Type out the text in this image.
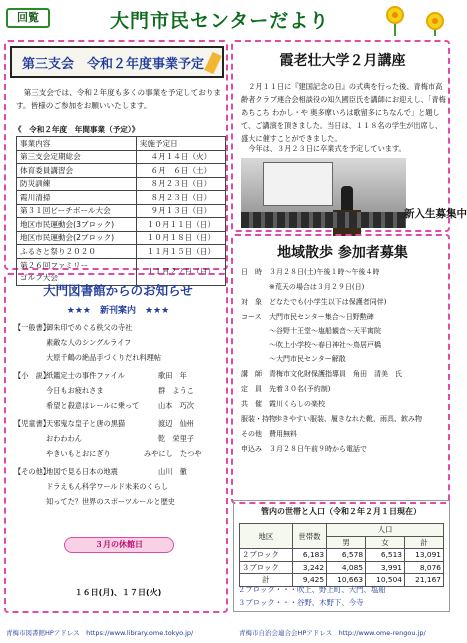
回覧	大門市民センターだより
第三支会　令和２年度事業予定
　第三支会では、令和２年度も多くの事業を予定しております。皆様のご参加をお願いいたします。
《　令和２年度　年間事業（予定）》
事業内容	実施予定日
第三支会定期総会	４月１４日（火）
体育委員講習会	６月　６日（土）
防災訓練	８月２３日（日）
霞川清掃	８月２３日（日）
第３１回ビーチボール大会	９月１３日（日）
地区市民運動会(3ブロック)	１０月１１日（日）
地区市民運動会(2ブロック)	１０月１８日（日）
ふるさと祭り２０２０	１１月１５日（日）
第２６回ファミリー
ゴルフ大会	１１月２２日（日）
霞老壮大学２月講座
　２月１１日に『建国記念の日』の式典を行った後、青梅市高齢者クラブ連合会相談役の知久國臣氏を講師にお迎えし、「青梅あちこち わかし・や 奥多摩いろは歌留多にちなんで」と題して、ご講演を頂きました。当日は、１１８名の学生が出席し、盛大に催すことができました。
　今年は、３月２３日に卒業式を予定しています。
新入生募集中
地域散歩 参加者募集
日　時 ３月２８日(土)午後１時～午後４時
※荒天の場合は３月２９日(日)
対　象 どなたでも(小学生以下は保護者同伴)
コース 大門市民センター集合～日野勲碑
～谷野十王堂～塩船観音～天平寓院
～吹上小学校～春日神社～鳥居戸橋
～大門市民センター解散
講　師 青梅市文化財保護指導員　角田　清美　氏
定　員 先着３０名(予約制)
共　催 霞川くらしの楽校
服装・持物歩きやすい服装、履きなれた靴、雨具、飲み物
その他 費用無料
申込み ３月２８日午前９時から電話で
管内の世帯と人口（令和２年２月１日現在）
地区	世帯数	人口		
		男	女	計
２ブロック	6,183	6,578	6,513	13,091
３ブロック	3,242	4,085	3,991	8,076
計	9,425	10,663	10,504	21,167
２ブロック・・・吹上、野上町、大門、塩船
３ブロック・・・谷野、木野下、今寺
大門図書館からのお知らせ
★★★　新刊案内　★★★
【一般書】御朱印でめぐる秩父の寺社
素敵な人のシングルライフ
大原千鶴の絶品手づくりだれ料理帖
【小　説】紙鑑定士の事件ファイル	歌田　年
今日もお疲れさま	群　ようこ
希望と殺意はレールに乗って	山本　巧次
【児童書】天邪鬼な皇子と唐の黒猫	渡辺　仙州
おわわわん	乾　栄里子
やきいもとおにぎり	みやにし　たつや
【その他】地図で見る日本の地震	山川　徹
ドラえもん科学ワールド未来のくらし
知ってた？世界のスポーツルールと歴史
３月の休館日
１６日(月)、１７日(火)
青梅市図書館HPアドレス　https://www.library.ome.tokyo.jp/	青梅市自治会連合会HPアドレス　http://www.ome-rengou.jp/
